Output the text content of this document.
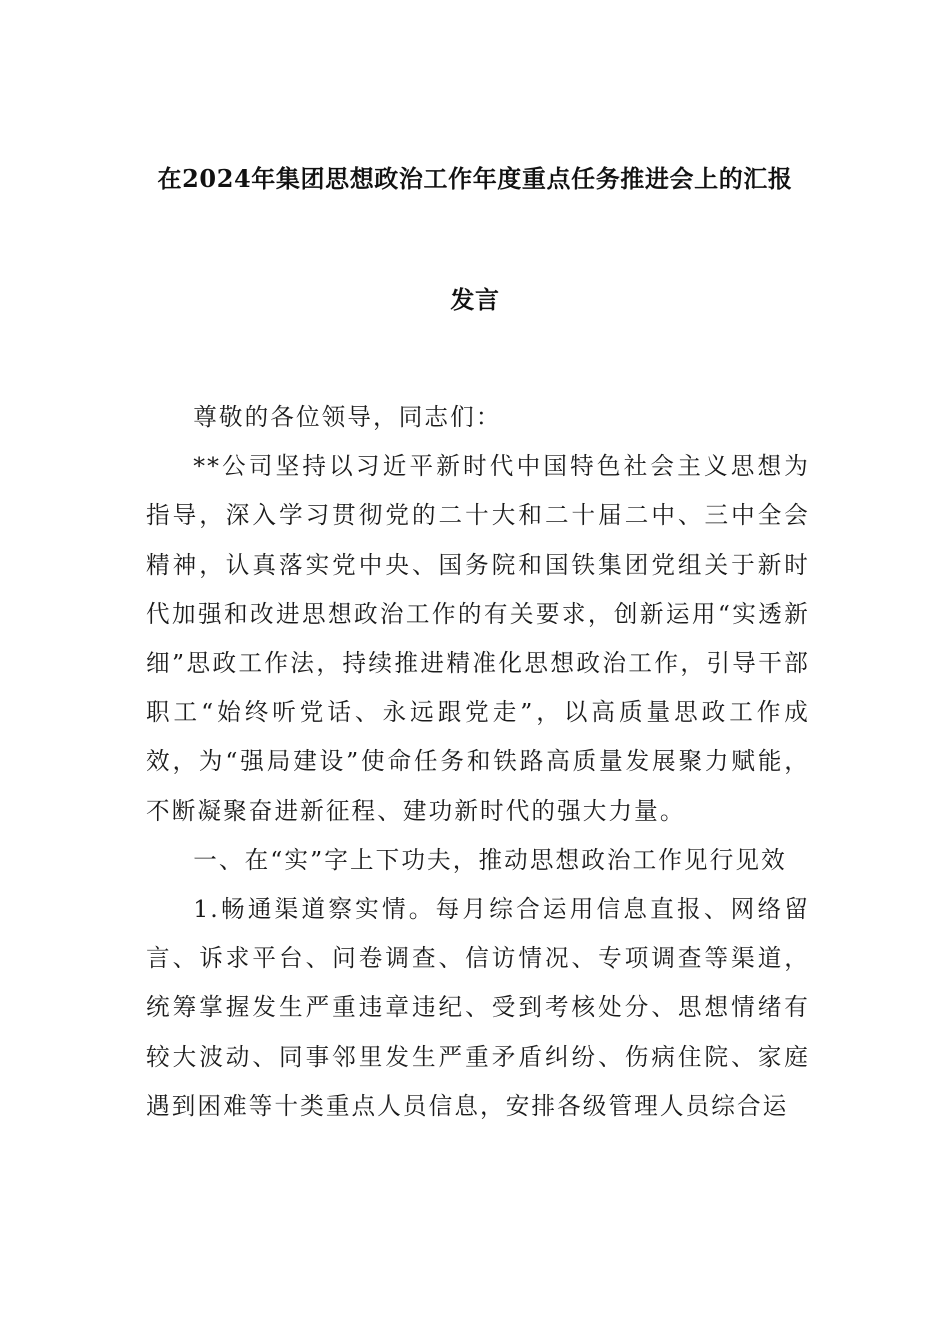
在2024年集团思想政治工作年度重点任务推进会上的汇报
发言

尊敬的各位领导，同志们：

**公司坚持以习近平新时代中国特色社会主义思想为指导，深入学习贯彻党的二十大和二十届二中、三中全会精神，认真落实党中央、国务院和国铁集团党组关于新时代加强和改进思想政治工作的有关要求，创新运用“实透新细”思政工作法，持续推进精准化思想政治工作，引导干部职工“始终听党话、永远跟党走”，以高质量思政工作成效，为“强局建设”使命任务和铁路高质量发展聚力赋能，不断凝聚奋进新征程、建功新时代的强大力量。

一、在“实”字上下功夫，推动思想政治工作见行见效

1.畅通渠道察实情。每月综合运用信息直报、网络留言、诉求平台、问卷调查、信访情况、专项调查等渠道，统筹掌握发生严重违章违纪、受到考核处分、思想情绪有较大波动、同事邻里发生严重矛盾纠纷、伤病住院、家庭遇到困难等十类重点人员信息，安排各级管理人员综合运
